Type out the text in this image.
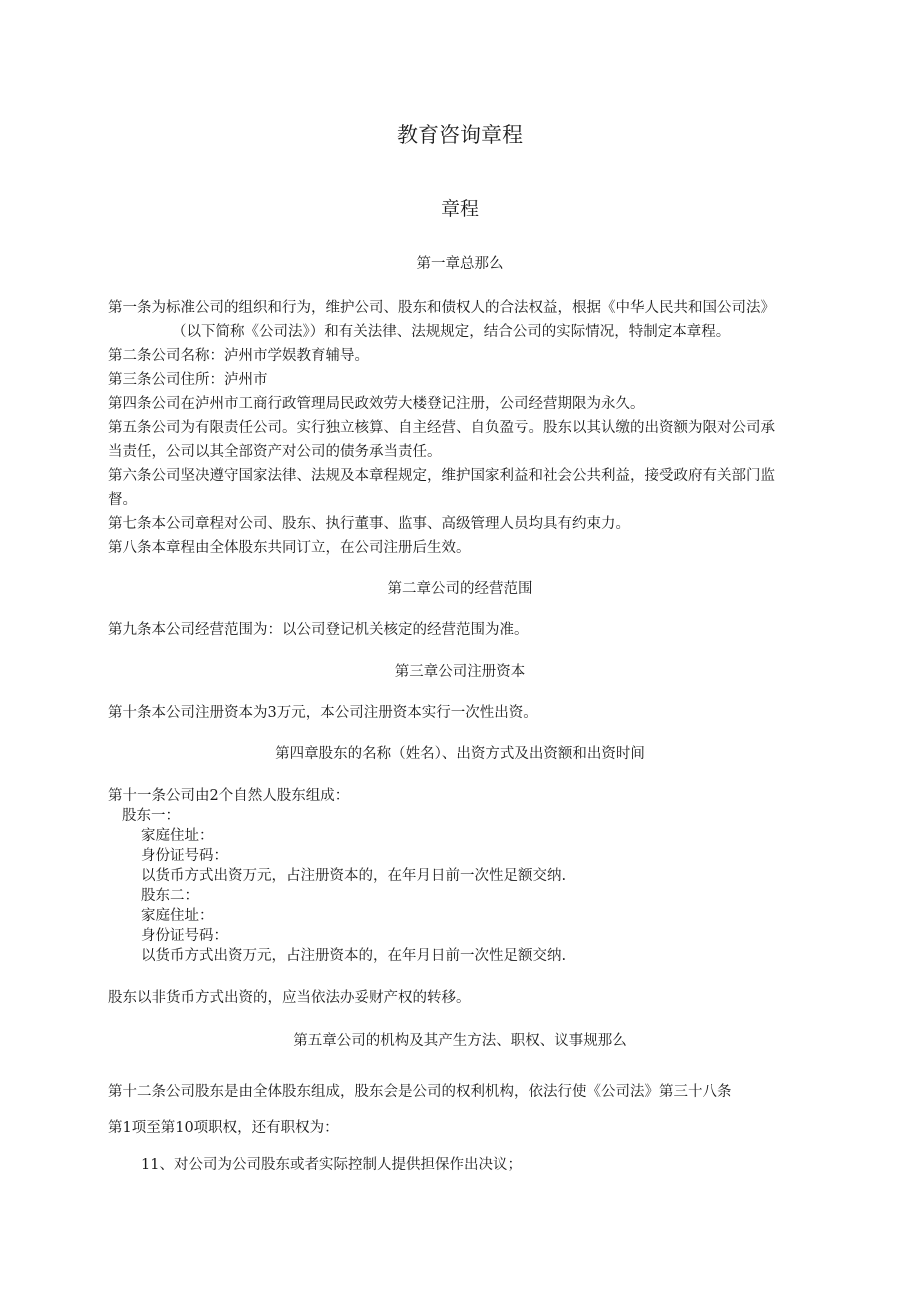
教育咨询章程
章程
第一章总那么
第一条为标准公司的组织和行为，维护公司、股东和债权人的合法权益，根据《中华人民共和国公司法》
（以下简称《公司法》）和有关法律、法规规定，结合公司的实际情况，特制定本章程。
第二条公司名称：泸州市学娱教育辅导。
第三条公司住所：泸州市
第四条公司在泸州市工商行政管理局民政效劳大楼登记注册，公司经营期限为永久。
第五条公司为有限责任公司。实行独立核算、自主经营、自负盈亏。股东以其认缴的出资额为限对公司承
当责任，公司以其全部资产对公司的债务承当责任。
第六条公司坚决遵守国家法律、法规及本章程规定，维护国家利益和社会公共利益，接受政府有关部门监
督。
第七条本公司章程对公司、股东、执行董事、监事、高级管理人员均具有约束力。
第八条本章程由全体股东共同订立，在公司注册后生效。
第二章公司的经营范围
第九条本公司经营范围为：以公司登记机关核定的经营范围为准。
第三章公司注册资本
第十条本公司注册资本为3万元，本公司注册资本实行一次性出资。
第四章股东的名称（姓名）、出资方式及出资额和出资时间
第十一条公司由2个自然人股东组成：
股东一：
家庭住址：
身份证号码：
以货币方式出资万元，占注册资本的，在年月日前一次性足额交纳.
股东二：
家庭住址：
身份证号码：
以货币方式出资万元，占注册资本的，在年月日前一次性足额交纳.
股东以非货币方式出资的，应当依法办妥财产权的转移。
第五章公司的机构及其产生方法、职权、议事规那么
第十二条公司股东是由全体股东组成，股东会是公司的权利机构，依法行使《公司法》第三十八条
第1项至第10项职权，还有职权为：
11、对公司为公司股东或者实际控制人提供担保作出决议；
